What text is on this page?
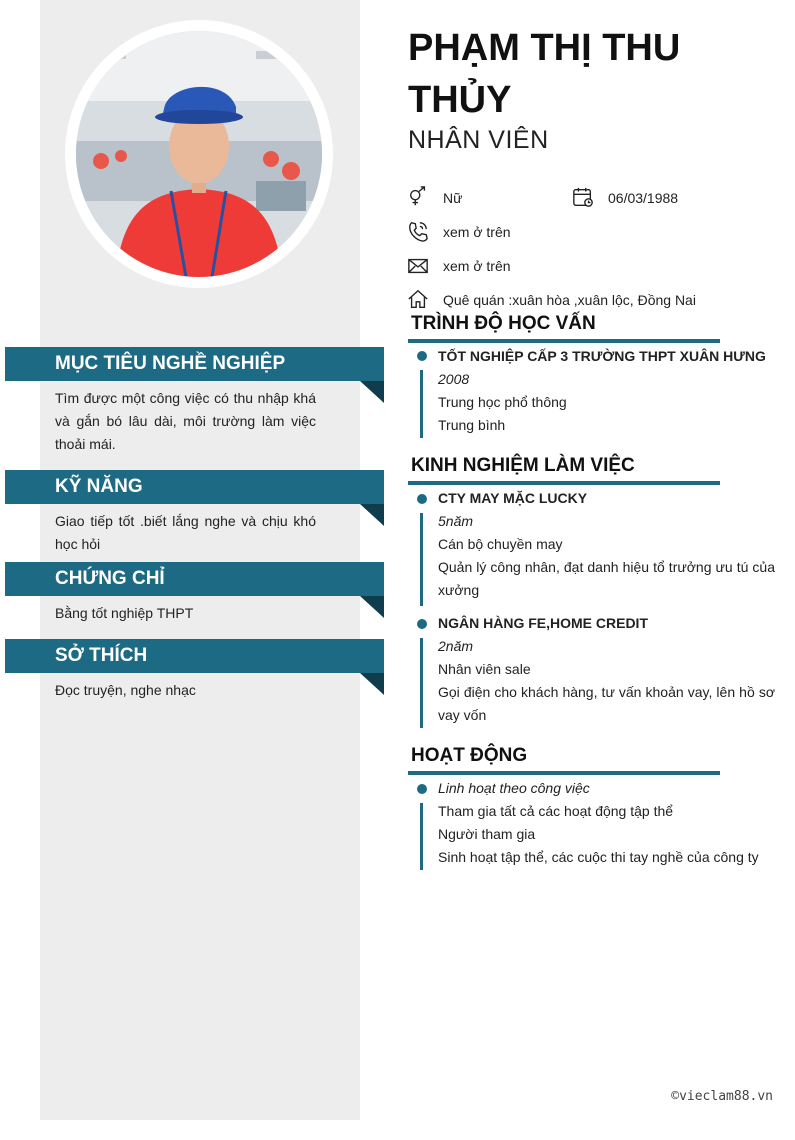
MỤC TIÊU NGHỀ NGHIỆP
Tìm được một công việc có thu nhập khá và gắn bó lâu dài, môi trường làm việc thoải mái.
KỸ NĂNG
Giao tiếp tốt .biết lắng nghe và chịu khó học hỏi
CHỨNG CHỈ
Bằng tốt nghiệp THPT
SỞ THÍCH
Đọc truyện, nghe nhạc
PHẠM THỊ THU THỦY
NHÂN VIÊN
Nữ	06/03/1988
xem ở trên
xem ở trên
Quê quán :xuân hòa ,xuân lộc, Đồng Nai
TRÌNH ĐỘ HỌC VẤN
TỐT NGHIỆP CẤP 3 TRƯỜNG THPT XUÂN HƯNG
2008
Trung học phổ thông
Trung bình
KINH NGHIỆM LÀM VIỆC
CTY MAY MẶC LUCKY
5năm
Cán bộ chuyền may
Quản lý công nhân, đạt danh hiệu tổ trưởng ưu tú của xưởng
NGÂN HÀNG FE,HOME CREDIT
2năm
Nhân viên sale
Gọi điện cho khách hàng, tư vấn khoản vay, lên hồ sơ vay vốn
HOẠT ĐỘNG
Linh hoạt theo công việc
Tham gia tất cả các hoạt động tập thể
Người tham gia
Sinh hoạt tập thể, các cuộc thi tay nghề của công ty
©vieclam88.vn
